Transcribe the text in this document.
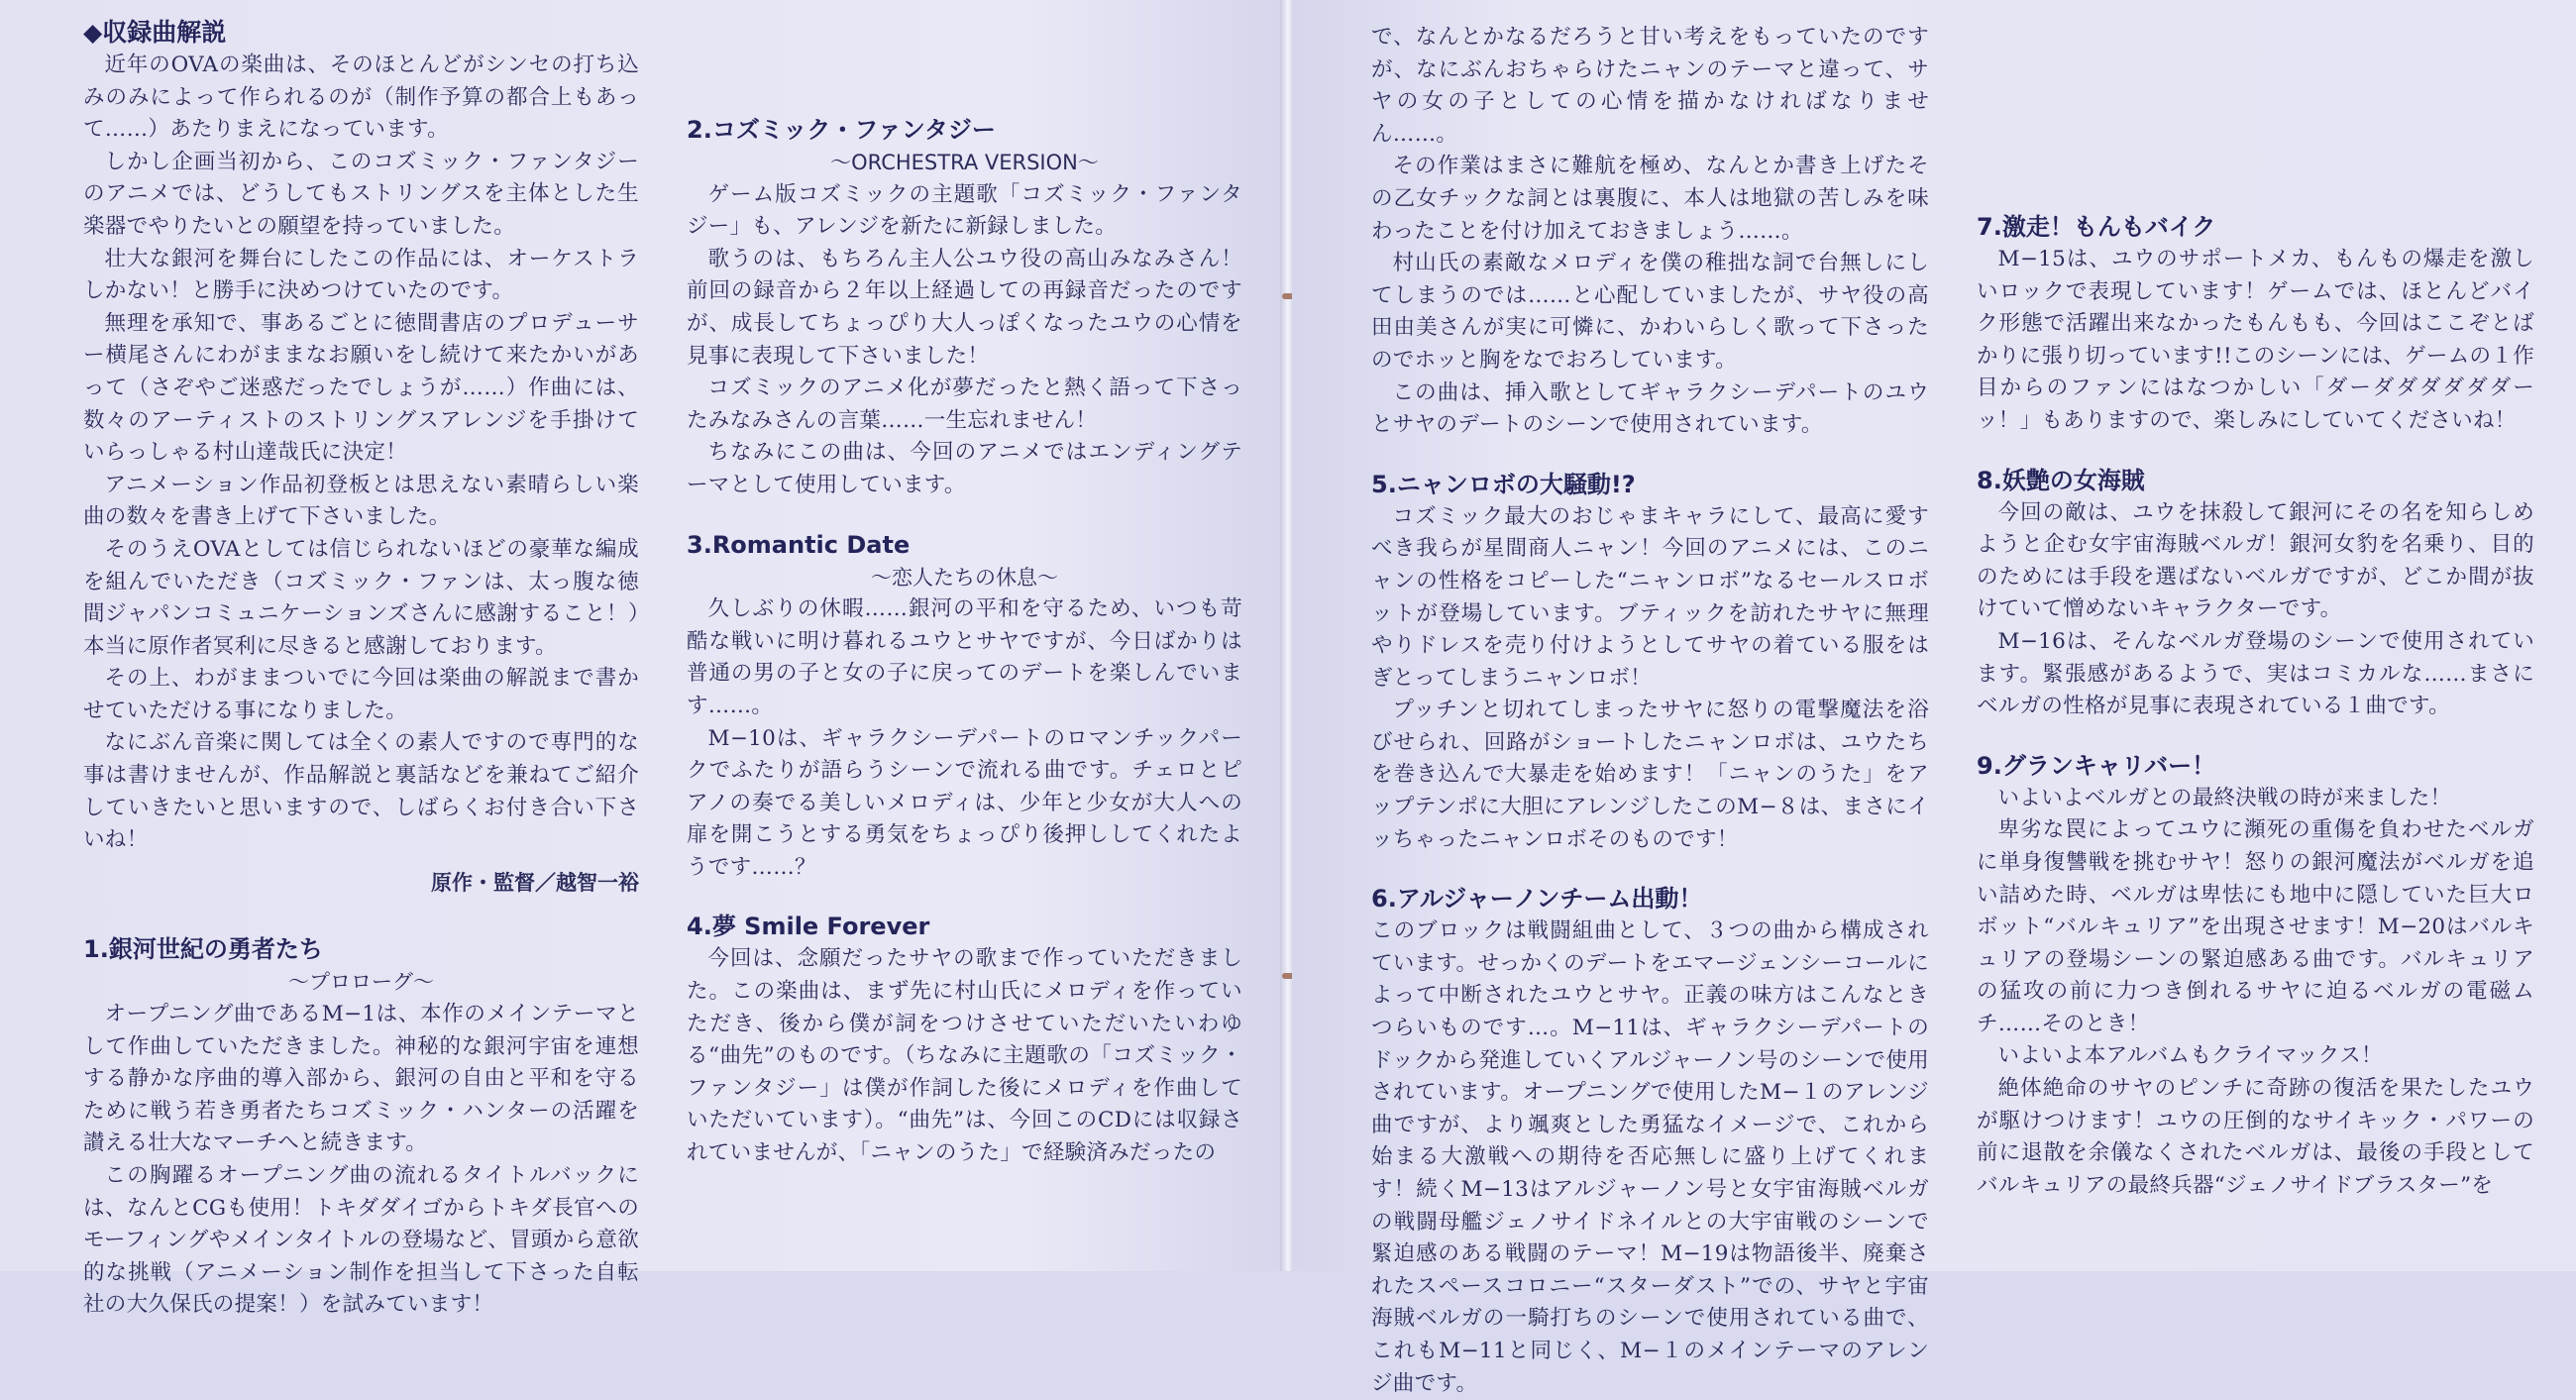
◆収録曲解説

近年のOVAの楽曲は、そのほとんどがシンセの打ち込みのみによって作られるのが（制作予算の都合上もあって……）あたりまえになっています。

しかし企画当初から、このコズミック・ファンタジーのアニメでは、どうしてもストリングスを主体とした生楽器でやりたいとの願望を持っていました。

壮大な銀河を舞台にしたこの作品には、オーケストラしかない！と勝手に決めつけていたのです。

無理を承知で、事あるごとに徳間書店のプロデューサー横尾さんにわがままなお願いをし続けて来たかいがあって（さぞやご迷惑だったでしょうが……）作曲には、数々のアーティストのストリングスアレンジを手掛けていらっしゃる村山達哉氏に決定！

アニメーション作品初登板とは思えない素晴らしい楽曲の数々を書き上げて下さいました。

そのうえOVAとしては信じられないほどの豪華な編成を組んでいただき（コズミック・ファンは、太っ腹な徳間ジャパンコミュニケーションズさんに感謝すること！）本当に原作者冥利に尽きると感謝しております。

その上、わがままついでに今回は楽曲の解説まで書かせていただける事になりました。

なにぶん音楽に関しては全くの素人ですので専門的な事は書けませんが、作品解説と裏話などを兼ねてご紹介していきたいと思いますので、しばらくお付き合い下さいね！

原作・監督／越智一裕
1.銀河世紀の勇者たち
〜プロローグ〜

オープニング曲であるM−1は、本作のメインテーマとして作曲していただきました。神秘的な銀河宇宙を連想する静かな序曲的導入部から、銀河の自由と平和を守るために戦う若き勇者たちコズミック・ハンターの活躍を讃える壮大なマーチへと続きます。

この胸躍るオープニング曲の流れるタイトルバックには、なんとCGも使用！トキダダイゴからトキダ長官へのモーフィングやメインタイトルの登場など、冒頭から意欲的な挑戦（アニメーション制作を担当して下さった自転社の大久保氏の提案！）を試みています！

2.コズミック・ファンタジー
〜ORCHESTRA VERSION〜

ゲーム版コズミックの主題歌「コズミック・ファンタジー」も、アレンジを新たに新録しました。

歌うのは、もちろん主人公ユウ役の高山みなみさん！前回の録音から２年以上経過しての再録音だったのですが、成長してちょっぴり大人っぽくなったユウの心情を見事に表現して下さいました！

コズミックのアニメ化が夢だったと熱く語って下さったみなみさんの言葉……一生忘れません！

ちなみにこの曲は、今回のアニメではエンディングテーマとして使用しています。

3.Romantic Date
〜恋人たちの休息〜

久しぶりの休暇……銀河の平和を守るため、いつも苛酷な戦いに明け暮れるユウとサヤですが、今日ばかりは普通の男の子と女の子に戻ってのデートを楽しんでいます……。

M−10は、ギャラクシーデパートのロマンチックパークでふたりが語らうシーンで流れる曲です。チェロとピアノの奏でる美しいメロディは、少年と少女が大人への扉を開こうとする勇気をちょっぴり後押ししてくれたようです……？

4.夢 Smile Forever

今回は、念願だったサヤの歌まで作っていただきました。この楽曲は、まず先に村山氏にメロディを作っていただき、後から僕が詞をつけさせていただいたいわゆる“曲先”のものです。（ちなみに主題歌の「コズミック・ファンタジー」は僕が作詞した後にメロディを作曲していただいています）。“曲先”は、今回このCDには収録されていませんが、「ニャンのうた」で経験済みだったの

で、なんとかなるだろうと甘い考えをもっていたのですが、なにぶんおちゃらけたニャンのテーマと違って、サヤの女の子としての心情を描かなければなりません……。

その作業はまさに難航を極め、なんとか書き上げたその乙女チックな詞とは裏腹に、本人は地獄の苦しみを味わったことを付け加えておきましょう……。

村山氏の素敵なメロディを僕の稚拙な詞で台無しにしてしまうのでは……と心配していましたが、サヤ役の高田由美さんが実に可憐に、かわいらしく歌って下さったのでホッと胸をなでおろしています。

この曲は、挿入歌としてギャラクシーデパートのユウとサヤのデートのシーンで使用されています。

5.ニャンロボの大騒動!?

コズミック最大のおじゃまキャラにして、最高に愛すべき我らが星間商人ニャン！今回のアニメには、このニャンの性格をコピーした“ニャンロボ”なるセールスロボットが登場しています。ブティックを訪れたサヤに無理やりドレスを売り付けようとしてサヤの着ている服をはぎとってしまうニャンロボ！

プッチンと切れてしまったサヤに怒りの電撃魔法を浴びせられ、回路がショートしたニャンロボは、ユウたちを巻き込んで大暴走を始めます！「ニャンのうた」をアップテンポに大胆にアレンジしたこのM−８は、まさにイッちゃったニャンロボそのものです！

6.アルジャーノンチーム出動！

このブロックは戦闘組曲として、３つの曲から構成されています。せっかくのデートをエマージェンシーコールによって中断されたユウとサヤ。正義の味方はこんなときつらいものです…。M−11は、ギャラクシーデパートのドックから発進していくアルジャーノン号のシーンで使用されています。オープニングで使用したM−１のアレンジ曲ですが、より颯爽とした勇猛なイメージで、これから始まる大激戦への期待を否応無しに盛り上げてくれます！続くM−13はアルジャーノン号と女宇宙海賊ベルガの戦闘母艦ジェノサイドネイルとの大宇宙戦のシーンで緊迫感のある戦闘のテーマ！M−19は物語後半、廃棄されたスペースコロニー“スターダスト”での、サヤと宇宙海賊ベルガの一騎打ちのシーンで使用されている曲で、これもM−11と同じく、M−１のメインテーマのアレンジ曲です。

7.激走！もんもバイク

M−15は、ユウのサポートメカ、もんもの爆走を激しいロックで表現しています！ゲームでは、ほとんどバイク形態で活躍出来なかったもんもも、今回はここぞとばかりに張り切っています!!このシーンには、ゲームの１作目からのファンにはなつかしい「ダーダダダダダダーッ！」もありますので、楽しみにしていてくださいね！

8.妖艶の女海賊

今回の敵は、ユウを抹殺して銀河にその名を知らしめようと企む女宇宙海賊ベルガ！銀河女豹を名乗り、目的のためには手段を選ばないベルガですが、どこか間が抜けていて憎めないキャラクターです。

M−16は、そんなベルガ登場のシーンで使用されています。緊張感があるようで、実はコミカルな……まさにベルガの性格が見事に表現されている１曲です。

9.グランキャリバー！

いよいよベルガとの最終決戦の時が来ました！

卑劣な罠によってユウに瀕死の重傷を負わせたベルガに単身復讐戦を挑むサヤ！怒りの銀河魔法がベルガを追い詰めた時、ベルガは卑怯にも地中に隠していた巨大ロボット“バルキュリア”を出現させます！M−20はバルキュリアの登場シーンの緊迫感ある曲です。バルキュリアの猛攻の前に力つき倒れるサヤに迫るベルガの電磁ムチ……そのとき！

いよいよ本アルバムもクライマックス！

絶体絶命のサヤのピンチに奇跡の復活を果たしたユウが駆けつけます！ユウの圧倒的なサイキック・パワーの前に退散を余儀なくされたベルガは、最後の手段としてバルキュリアの最終兵器“ジェノサイドブラスター”を
